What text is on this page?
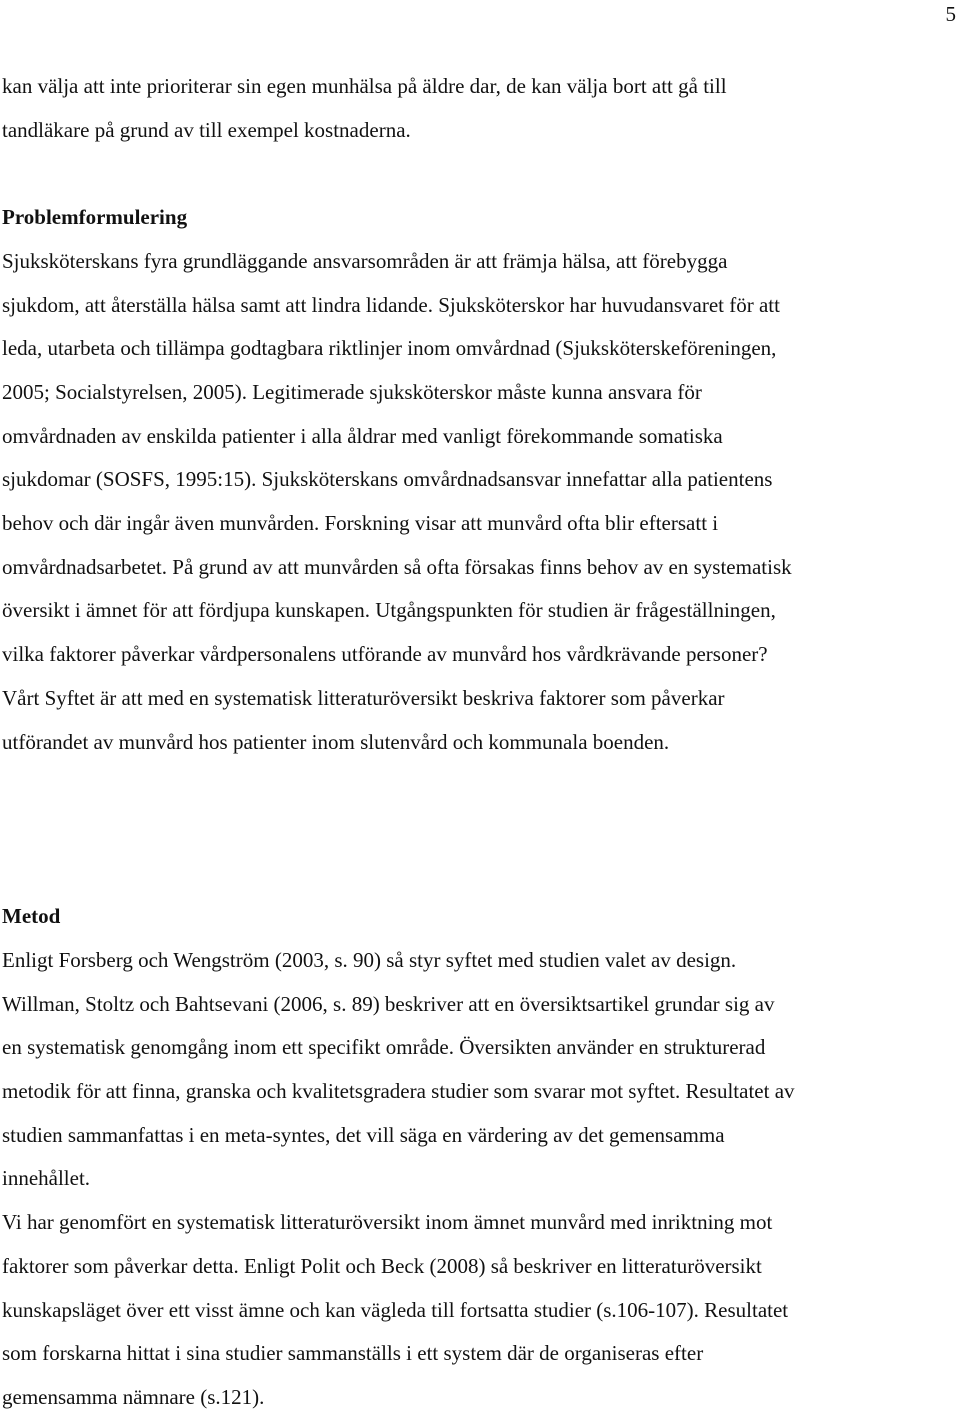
5
kan välja att inte prioriterar sin egen munhälsa på äldre dar, de kan välja bort att gå till
tandläkare på grund av till exempel kostnaderna.
Problemformulering
Sjuksköterskans fyra grundläggande ansvarsområden är att främja hälsa, att förebygga
sjukdom, att återställa hälsa samt att lindra lidande. Sjuksköterskor har huvudansvaret för att
leda, utarbeta och tillämpa godtagbara riktlinjer inom omvårdnad (Sjuksköterskeföreningen,
2005; Socialstyrelsen, 2005). Legitimerade sjuksköterskor måste kunna ansvara för
omvårdnaden av enskilda patienter i alla åldrar med vanligt förekommande somatiska
sjukdomar (SOSFS, 1995:15). Sjuksköterskans omvårdnadsansvar innefattar alla patientens
behov och där ingår även munvården. Forskning visar att munvård ofta blir eftersatt i
omvårdnadsarbetet. På grund av att munvården så ofta försakas finns behov av en systematisk
översikt i ämnet för att fördjupa kunskapen. Utgångspunkten för studien är frågeställningen,
vilka faktorer påverkar vårdpersonalens utförande av munvård hos vårdkrävande personer?
Vårt Syftet är att med en systematisk litteraturöversikt beskriva faktorer som påverkar
utförandet av munvård hos patienter inom slutenvård och kommunala boenden.
Metod
Enligt Forsberg och Wengström (2003, s. 90) så styr syftet med studien valet av design.
Willman, Stoltz och Bahtsevani (2006, s. 89) beskriver att en översiktsartikel grundar sig av
en systematisk genomgång inom ett specifikt område. Översikten använder en strukturerad
metodik för att finna, granska och kvalitetsgradera studier som svarar mot syftet. Resultatet av
studien sammanfattas i en meta-syntes, det vill säga en värdering av det gemensamma
innehållet.
Vi har genomfört en systematisk litteraturöversikt inom ämnet munvård med inriktning mot
faktorer som påverkar detta. Enligt Polit och Beck (2008) så beskriver en litteraturöversikt
kunskapsläget över ett visst ämne och kan vägleda till fortsatta studier (s.106-107). Resultatet
som forskarna hittat i sina studier sammanställs i ett system där de organiseras efter
gemensamma nämnare (s.121).
